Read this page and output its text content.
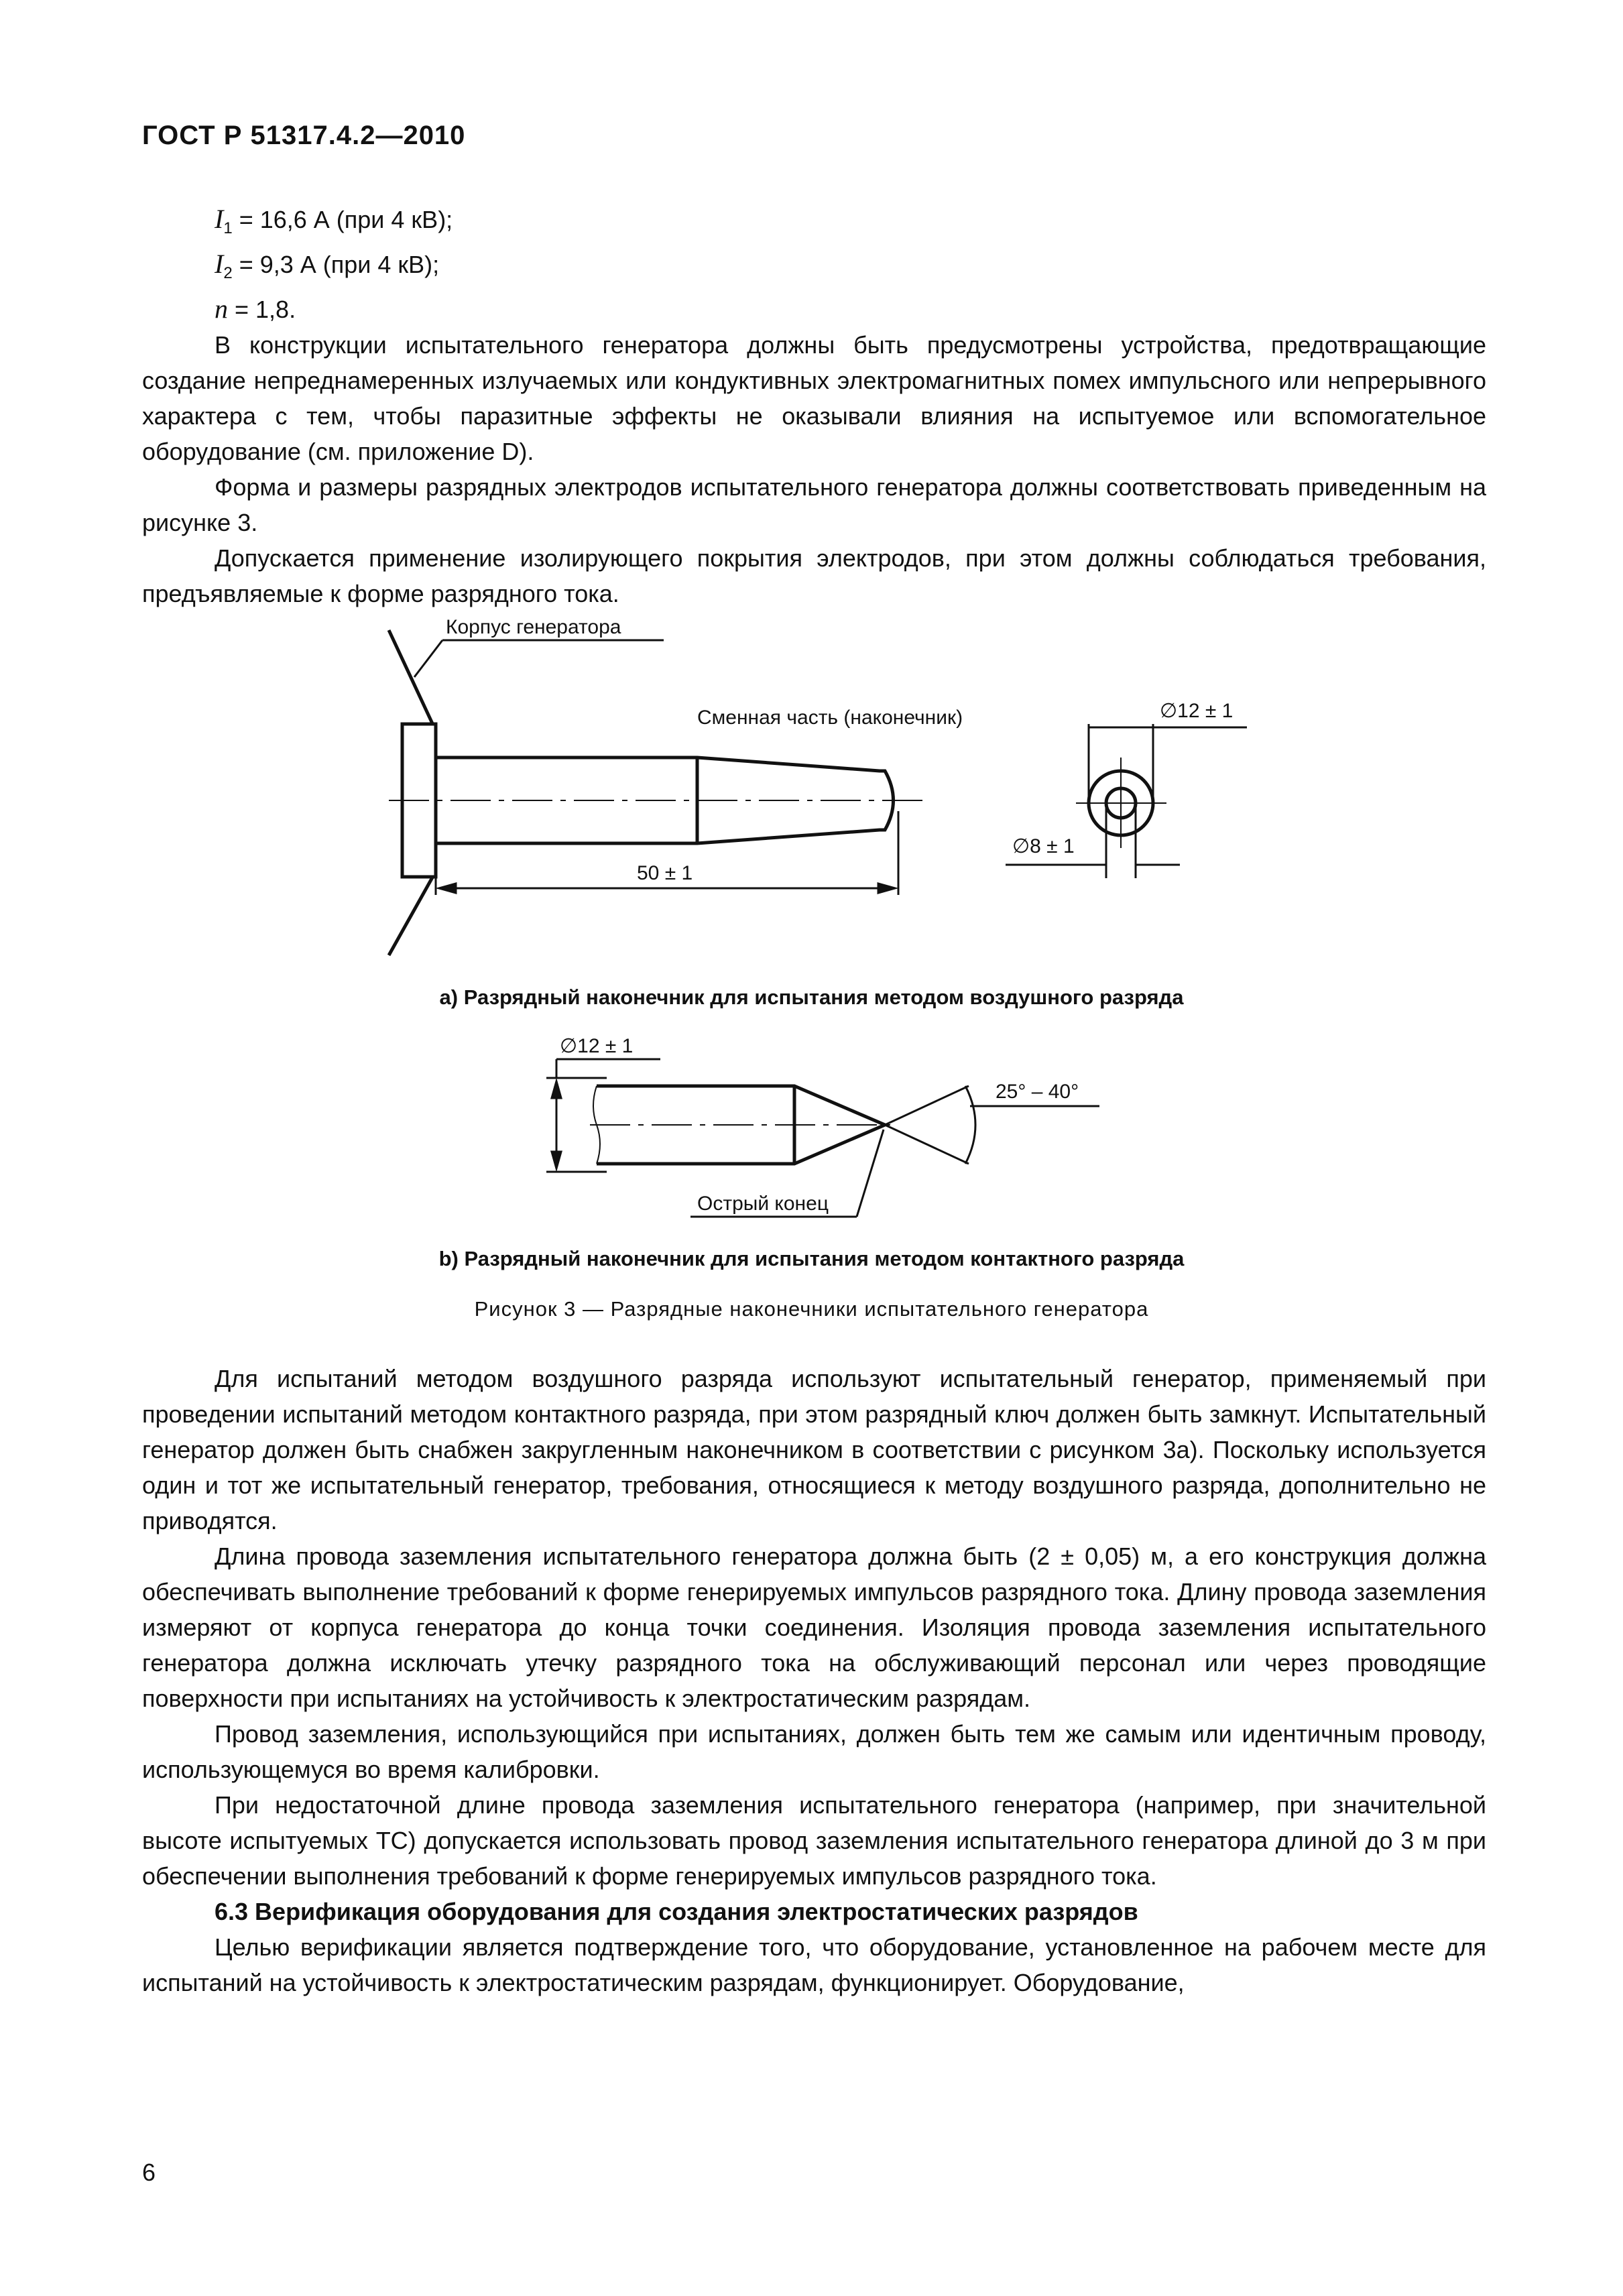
ГОСТ Р 51317.4.2—2010

$I_1 = 16,6$ А (при 4 кВ);

$I_2 = 9,3$ А (при 4 кВ);

n = 1,8.

В конструкции испытательного генератора должны быть предусмотрены устройства, предотвращающие создание непреднамеренных излучаемых или кондуктивных электромагнитных помех импульсного или непрерывного характера с тем, чтобы паразитные эффекты не оказывали влияния на испытуемое или вспомогательное оборудование (см. приложение D).

Форма и размеры разрядных электродов испытательного генератора должны соответствовать приведенным на рисунке 3.

Допускается применение изолирующего покрытия электродов, при этом должны соблюдаться требования, предъявляемые к форме разрядного тока.

Корпус генератора
Сменная часть (наконечник)
50 ± 1
∅12 ± 1
∅8 ± 1
∅12 ± 1
25° – 40°
Острый конец
а) Разрядный наконечник для испытания методом воздушного разряда
b) Разрядный наконечник для испытания методом контактного разряда
Рисунок 3 — Разрядные наконечники испытательного генератора

Для испытаний методом воздушного разряда используют испытательный генератор, применяемый при проведении испытаний методом контактного разряда, при этом разрядный ключ должен быть замкнут. Испытательный генератор должен быть снабжен закругленным наконечником в соответствии с рисунком 3а). Поскольку используется один и тот же испытательный генератор, требования, относящиеся к методу воздушного разряда, дополнительно не приводятся.

Длина провода заземления испытательного генератора должна быть (2 ± 0,05) м, а его конструкция должна обеспечивать выполнение требований к форме генерируемых импульсов разрядного тока. Длину провода заземления измеряют от корпуса генератора до конца точки соединения. Изоляция провода заземления испытательного генератора должна исключать утечку разрядного тока на обслуживающий персонал или через проводящие поверхности при испытаниях на устойчивость к электростатическим разрядам.

Провод заземления, использующийся при испытаниях, должен быть тем же самым или идентичным проводу, использующемуся во время калибровки.

При недостаточной длине провода заземления испытательного генератора (например, при значительной высоте испытуемых ТС) допускается использовать провод заземления испытательного генератора длиной до 3 м при обеспечении выполнения требований к форме генерируемых импульсов разрядного тока.

6.3 Верификация оборудования для создания электростатических разрядов

Целью верификации является подтверждение того, что оборудование, установленное на рабочем месте для испытаний на устойчивость к электростатическим разрядам, функционирует. Оборудование,

6
